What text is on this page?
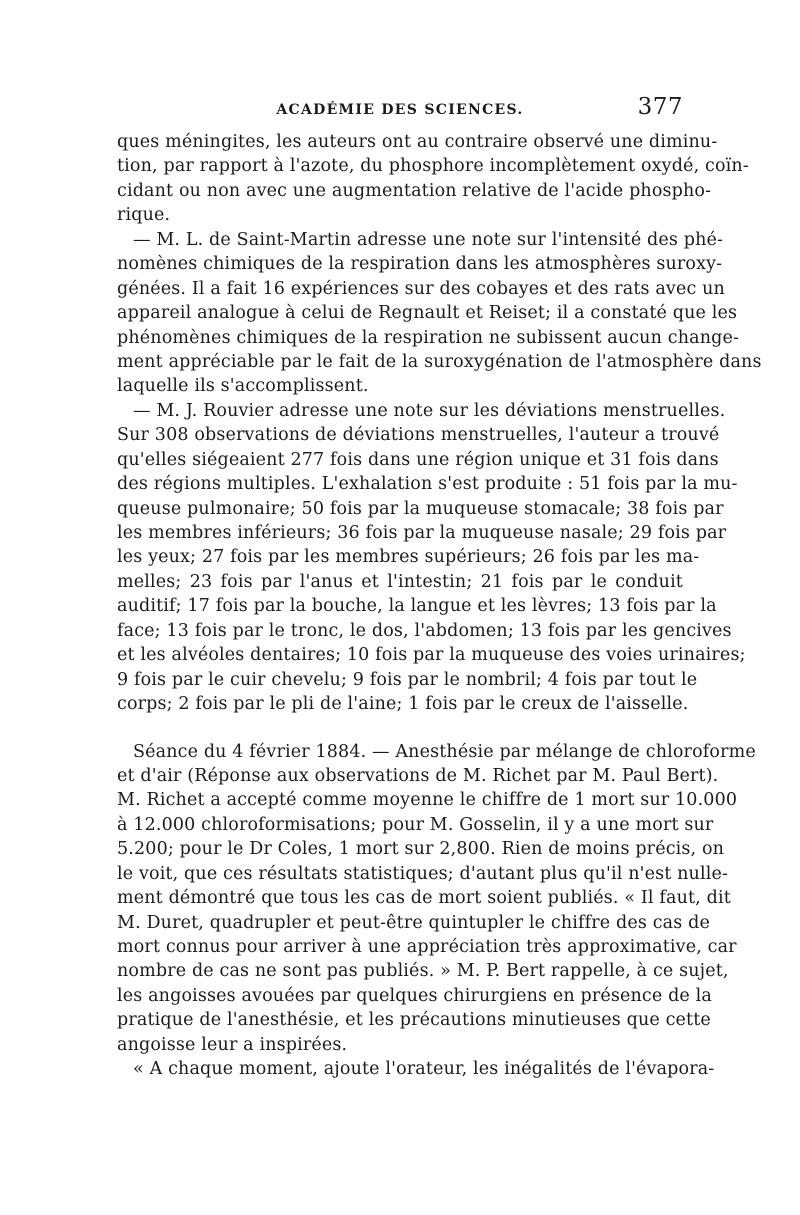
ACADÉMIE DES SCIENCES.	377
ques méningites, les auteurs ont au contraire observé une diminu-
tion, par rapport à l'azote, du phosphore incomplètement oxydé, coïn-
cidant ou non avec une augmentation relative de l'acide phospho-
rique.
— M. L. de Saint-Martin adresse une note sur l'intensité des phé-
nomènes chimiques de la respiration dans les atmosphères suroxy-
génées. Il a fait 16 expériences sur des cobayes et des rats avec un
appareil analogue à celui de Regnault et Reiset; il a constaté que les
phénomènes chimiques de la respiration ne subissent aucun change-
ment appréciable par le fait de la suroxygénation de l'atmosphère dans
laquelle ils s'accomplissent.
— M. J. Rouvier adresse une note sur les déviations menstruelles.
Sur 308 observations de déviations menstruelles, l'auteur a trouvé
qu'elles siégeaient 277 fois dans une région unique et 31 fois dans
des régions multiples. L'exhalation s'est produite : 51 fois par la mu-
queuse pulmonaire; 50 fois par la muqueuse stomacale; 38 fois par
les membres inférieurs; 36 fois par la muqueuse nasale; 29 fois par
les yeux; 27 fois par les membres supérieurs; 26 fois par les ma-
melles; 23 fois par l'anus et l'intestin; 21 fois par le conduit
auditif; 17 fois par la bouche, la langue et les lèvres; 13 fois par la
face; 13 fois par le tronc, le dos, l'abdomen; 13 fois par les gencives
et les alvéoles dentaires; 10 fois par la muqueuse des voies urinaires;
9 fois par le cuir chevelu; 9 fois par le nombril; 4 fois par tout le
corps; 2 fois par le pli de l'aine; 1 fois par le creux de l'aisselle.
Séance du 4 février 1884. — Anesthésie par mélange de chloroforme
et d'air (Réponse aux observations de M. Richet par M. Paul Bert).
M. Richet a accepté comme moyenne le chiffre de 1 mort sur 10.000
à 12.000 chloroformisations; pour M. Gosselin, il y a une mort sur
5.200; pour le Dr Coles, 1 mort sur 2,800. Rien de moins précis, on
le voit, que ces résultats statistiques; d'autant plus qu'il n'est nulle-
ment démontré que tous les cas de mort soient publiés. « Il faut, dit
M. Duret, quadrupler et peut-être quintupler le chiffre des cas de
mort connus pour arriver à une appréciation très approximative, car
nombre de cas ne sont pas publiés. » M. P. Bert rappelle, à ce sujet,
les angoisses avouées par quelques chirurgiens en présence de la
pratique de l'anesthésie, et les précautions minutieuses que cette
angoisse leur a inspirées.
« A chaque moment, ajoute l'orateur, les inégalités de l'évapora-
